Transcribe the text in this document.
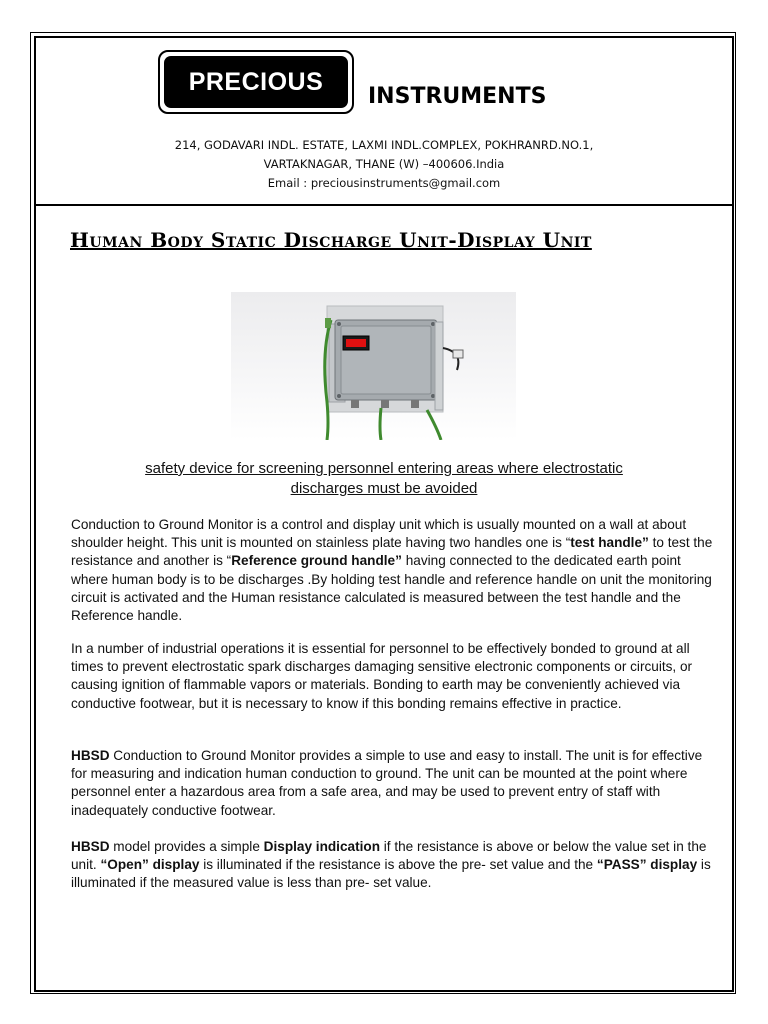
PRECIOUS
INSTRUMENTS
214, GODAVARI INDL. ESTATE, LAXMI INDL.COMPLEX, POKHRANRD.NO.1,
VARTAKNAGAR, THANE (W) –400606.India
Email : preciousinstruments@gmail.com
Human Body Static Discharge Unit-Display Unit
safety device for screening personnel entering areas where electrostatic
discharges must be avoided

Conduction to Ground Monitor is a control and display unit which is usually mounted on a wall at about shoulder height. This unit is mounted on stainless plate having two handles one is “test handle” to test the resistance and another is “Reference ground handle” having connected to the dedicated earth point where human body is to be discharges .By holding test handle and reference handle on unit the monitoring circuit is activated and the Human resistance calculated is measured between the test handle and the Reference handle.

In a number of industrial operations it is essential for personnel to be effectively bonded to ground at all times to prevent electrostatic spark discharges damaging sensitive electronic components or circuits, or causing ignition of flammable vapors or materials. Bonding to earth may be conveniently achieved via conductive footwear, but it is necessary to know if this bonding remains effective in practice.

HBSD Conduction to Ground Monitor provides a simple to use and easy to install. The unit is for effective for measuring and indication human conduction to ground. The unit can be mounted at the point where personnel enter a hazardous area from a safe area, and may be used to prevent entry of staff with inadequately conductive footwear.

HBSD model provides a simple Display indication if the resistance is above or below the value set in the unit. “Open” display is illuminated if the resistance is above the pre- set value and the “PASS” display is illuminated if the measured value is less than pre- set value.
